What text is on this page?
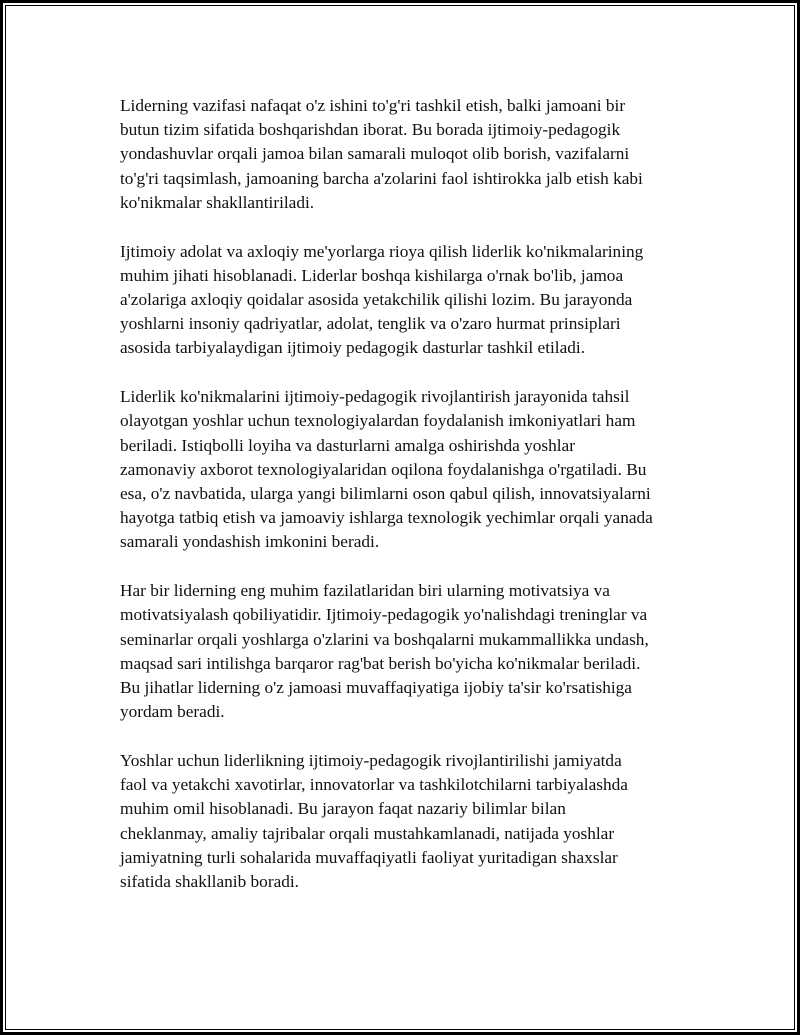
Liderning vazifasi nafaqat o'z ishini to'g'ri tashkil etish, balki jamoani bir
butun tizim sifatida boshqarishdan iborat. Bu borada ijtimoiy-pedagogik
yondashuvlar orqali jamoa bilan samarali muloqot olib borish, vazifalarni
to'g'ri taqsimlash, jamoaning barcha a'zolarini faol ishtirokka jalb etish kabi
ko'nikmalar shakllantiriladi.

Ijtimoiy adolat va axloqiy me'yorlarga rioya qilish liderlik ko'nikmalarining
muhim jihati hisoblanadi. Liderlar boshqa kishilarga o'rnak bo'lib, jamoa
a'zolariga axloqiy qoidalar asosida yetakchilik qilishi lozim. Bu jarayonda
yoshlarni insoniy qadriyatlar, adolat, tenglik va o'zaro hurmat prinsiplari
asosida tarbiyalaydigan ijtimoiy pedagogik dasturlar tashkil etiladi.

Liderlik ko'nikmalarini ijtimoiy-pedagogik rivojlantirish jarayonida tahsil
olayotgan yoshlar uchun texnologiyalardan foydalanish imkoniyatlari ham
beriladi. Istiqbolli loyiha va dasturlarni amalga oshirishda yoshlar
zamonaviy axborot texnologiyalaridan oqilona foydalanishga o'rgatiladi. Bu
esa, o'z navbatida, ularga yangi bilimlarni oson qabul qilish, innovatsiyalarni
hayotga tatbiq etish va jamoaviy ishlarga texnologik yechimlar orqali yanada
samarali yondashish imkonini beradi.

Har bir liderning eng muhim fazilatlaridan biri ularning motivatsiya va
motivatsiyalash qobiliyatidir. Ijtimoiy-pedagogik yo'nalishdagi treninglar va
seminarlar orqali yoshlarga o'zlarini va boshqalarni mukammallikka undash,
maqsad sari intilishga barqaror rag'bat berish bo'yicha ko'nikmalar beriladi.
Bu jihatlar liderning o'z jamoasi muvaffaqiyatiga ijobiy ta'sir ko'rsatishiga
yordam beradi.

Yoshlar uchun liderlikning ijtimoiy-pedagogik rivojlantirilishi jamiyatda
faol va yetakchi xavotirlar, innovatorlar va tashkilotchilarni tarbiyalashda
muhim omil hisoblanadi. Bu jarayon faqat nazariy bilimlar bilan
cheklanmay, amaliy tajribalar orqali mustahkamlanadi, natijada yoshlar
jamiyatning turli sohalarida muvaffaqiyatli faoliyat yuritadigan shaxslar
sifatida shakllanib boradi.
